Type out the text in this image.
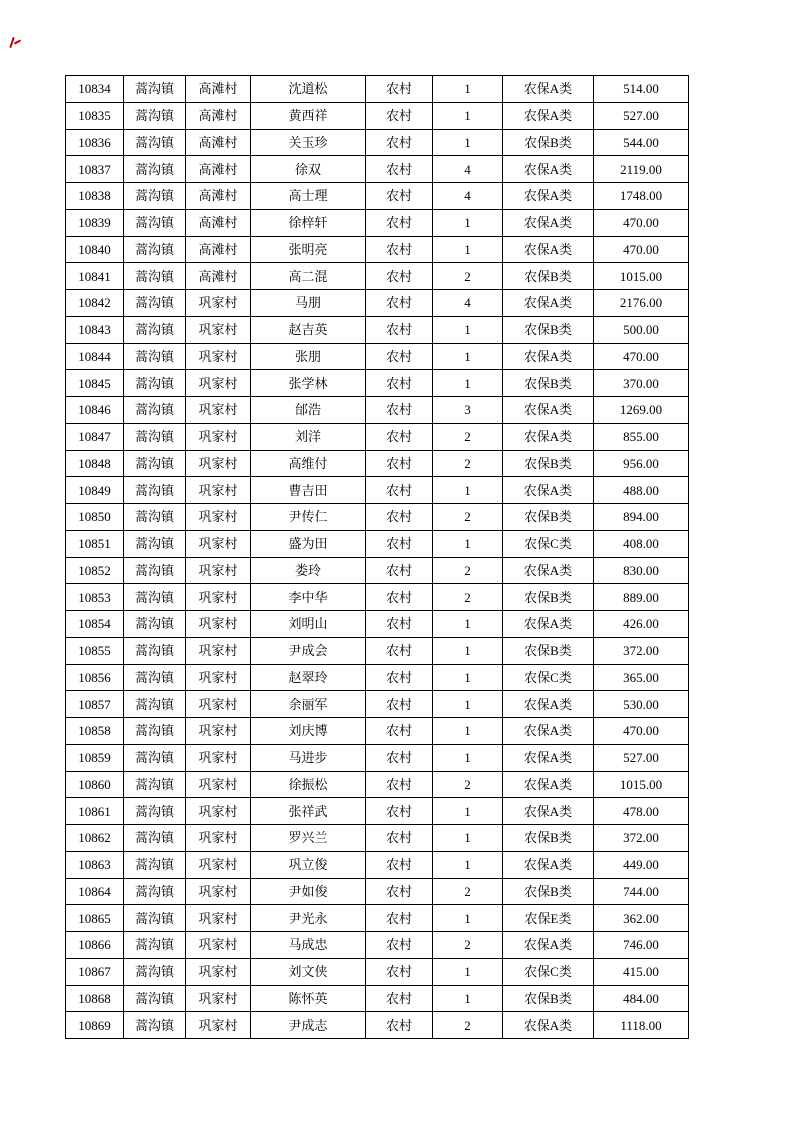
10834	蒿沟镇	高滩村	沈道松	农村	1	农保A类	514.00
10835	蒿沟镇	高滩村	黄西祥	农村	1	农保A类	527.00
10836	蒿沟镇	高滩村	关玉珍	农村	1	农保B类	544.00
10837	蒿沟镇	高滩村	徐双	农村	4	农保A类	2119.00
10838	蒿沟镇	高滩村	高士理	农村	4	农保A类	1748.00
10839	蒿沟镇	高滩村	徐梓轩	农村	1	农保A类	470.00
10840	蒿沟镇	高滩村	张明亮	农村	1	农保A类	470.00
10841	蒿沟镇	高滩村	高二混	农村	2	农保B类	1015.00
10842	蒿沟镇	巩家村	马朋	农村	4	农保A类	2176.00
10843	蒿沟镇	巩家村	赵吉英	农村	1	农保B类	500.00
10844	蒿沟镇	巩家村	张朋	农村	1	农保A类	470.00
10845	蒿沟镇	巩家村	张学林	农村	1	农保B类	370.00
10846	蒿沟镇	巩家村	邰浩	农村	3	农保A类	1269.00
10847	蒿沟镇	巩家村	刘洋	农村	2	农保A类	855.00
10848	蒿沟镇	巩家村	高维付	农村	2	农保B类	956.00
10849	蒿沟镇	巩家村	曹吉田	农村	1	农保A类	488.00
10850	蒿沟镇	巩家村	尹传仁	农村	2	农保B类	894.00
10851	蒿沟镇	巩家村	盛为田	农村	1	农保C类	408.00
10852	蒿沟镇	巩家村	娄玲	农村	2	农保A类	830.00
10853	蒿沟镇	巩家村	李中华	农村	2	农保B类	889.00
10854	蒿沟镇	巩家村	刘明山	农村	1	农保A类	426.00
10855	蒿沟镇	巩家村	尹成会	农村	1	农保B类	372.00
10856	蒿沟镇	巩家村	赵翠玲	农村	1	农保C类	365.00
10857	蒿沟镇	巩家村	余丽军	农村	1	农保A类	530.00
10858	蒿沟镇	巩家村	刘庆博	农村	1	农保A类	470.00
10859	蒿沟镇	巩家村	马进步	农村	1	农保A类	527.00
10860	蒿沟镇	巩家村	徐振松	农村	2	农保A类	1015.00
10861	蒿沟镇	巩家村	张祥武	农村	1	农保A类	478.00
10862	蒿沟镇	巩家村	罗兴兰	农村	1	农保B类	372.00
10863	蒿沟镇	巩家村	巩立俊	农村	1	农保A类	449.00
10864	蒿沟镇	巩家村	尹如俊	农村	2	农保B类	744.00
10865	蒿沟镇	巩家村	尹光永	农村	1	农保E类	362.00
10866	蒿沟镇	巩家村	马成忠	农村	2	农保A类	746.00
10867	蒿沟镇	巩家村	刘文侠	农村	1	农保C类	415.00
10868	蒿沟镇	巩家村	陈怀英	农村	1	农保B类	484.00
10869	蒿沟镇	巩家村	尹成志	农村	2	农保A类	1118.00
